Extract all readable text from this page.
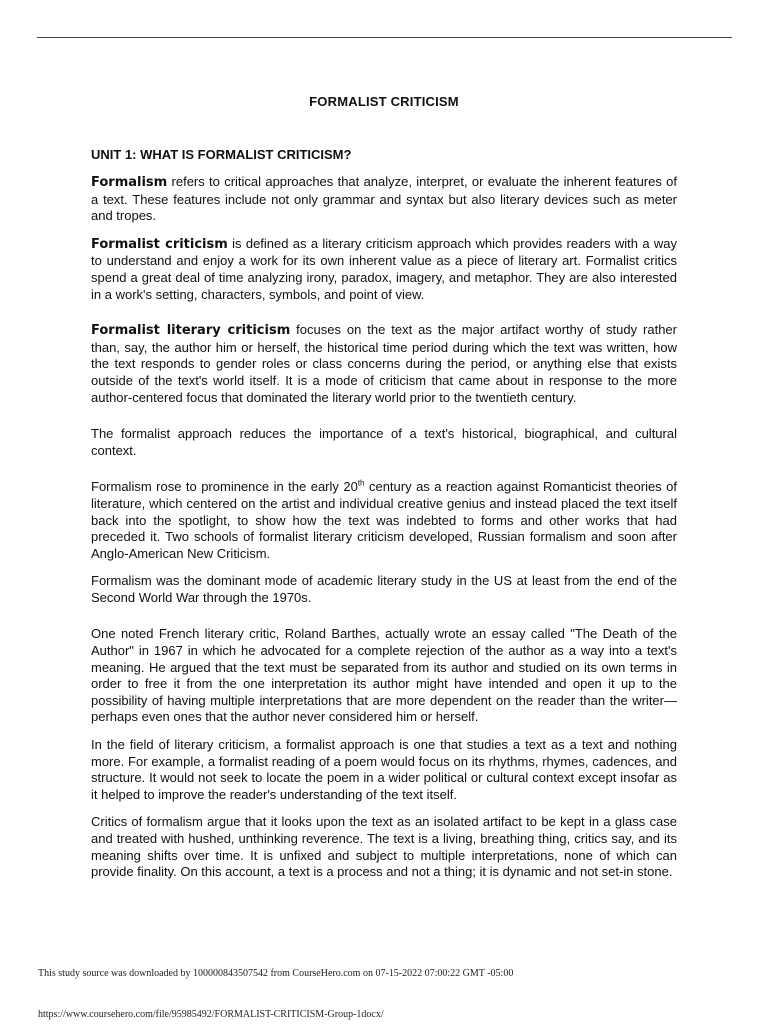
FORMALIST CRITICISM
UNIT 1: WHAT IS FORMALIST CRITICISM?

Formalism refers to critical approaches that analyze, interpret, or evaluate the inherent features of a text. These features include not only grammar and syntax but also literary devices such as meter and tropes.

Formalist criticism is defined as a literary criticism approach which provides readers with a way to understand and enjoy a work for its own inherent value as a piece of literary art. Formalist critics spend a great deal of time analyzing irony, paradox, imagery, and metaphor. They are also interested in a work's setting, characters, symbols, and point of view.

Formalist literary criticism focuses on the text as the major artifact worthy of study rather than, say, the author him or herself, the historical time period during which the text was written, how the text responds to gender roles or class concerns during the period, or anything else that exists outside of the text's world itself. It is a mode of criticism that came about in response to the more author-centered focus that dominated the literary world prior to the twentieth century.

The formalist approach reduces the importance of a text's historical, biographical, and cultural context.

Formalism rose to prominence in the early 20th century as a reaction against Romanticist theories of literature, which centered on the artist and individual creative genius and instead placed the text itself back into the spotlight, to show how the text was indebted to forms and other works that had preceded it. Two schools of formalist literary criticism developed, Russian formalism and soon after Anglo-American New Criticism.

Formalism was the dominant mode of academic literary study in the US at least from the end of the Second World War through the 1970s.

One noted French literary critic, Roland Barthes, actually wrote an essay called "The Death of the Author" in 1967 in which he advocated for a complete rejection of the author as a way into a text's meaning. He argued that the text must be separated from its author and studied on its own terms in order to free it from the one interpretation its author might have intended and open it up to the possibility of having multiple interpretations that are more dependent on the reader than the writer—perhaps even ones that the author never considered him or herself.

In the field of literary criticism, a formalist approach is one that studies a text as a text and nothing more. For example, a formalist reading of a poem would focus on its rhythms, rhymes, cadences, and structure. It would not seek to locate the poem in a wider political or cultural context except insofar as it helped to improve the reader's understanding of the text itself.

Critics of formalism argue that it looks upon the text as an isolated artifact to be kept in a glass case and treated with hushed, unthinking reverence. The text is a living, breathing thing, critics say, and its meaning shifts over time. It is unfixed and subject to multiple interpretations, none of which can provide finality. On this account, a text is a process and not a thing; it is dynamic and not set-in stone.

This study source was downloaded by 100000843507542 from CourseHero.com on 07-15-2022 07:00:22 GMT -05:00
https://www.coursehero.com/file/95985492/FORMALIST-CRITICISM-Group-1docx/
